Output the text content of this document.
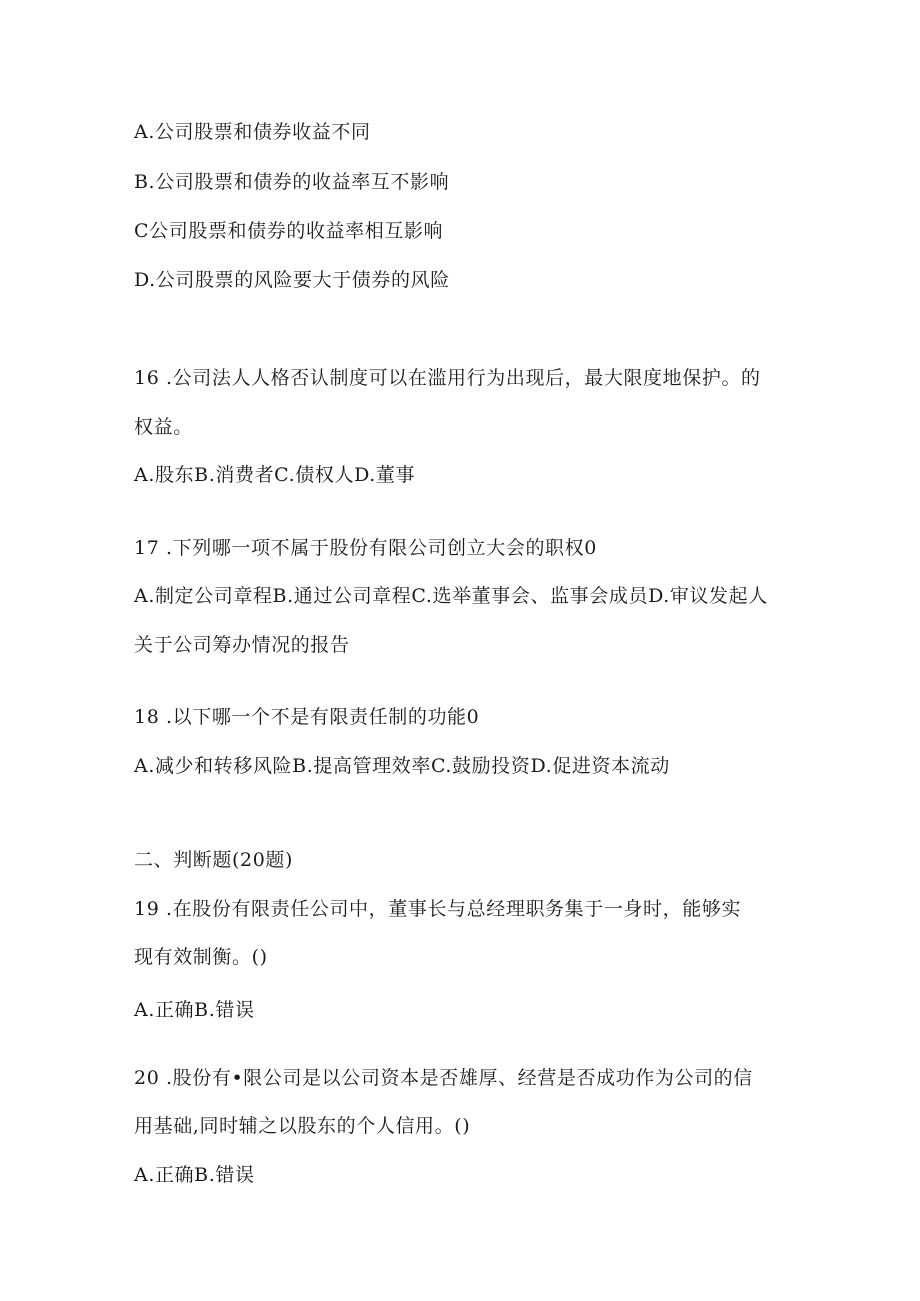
A.公司股票和债券收益不同
B.公司股票和债券的收益率互不影响
C公司股票和债券的收益率相互影响
D.公司股票的风险要大于债券的风险
16 .公司法人人格否认制度可以在滥用行为出现后，最大限度地保护。的
权益。
A.股东B.消费者C.债权人D.董事
17 .下列哪一项不属于股份有限公司创立大会的职权0
A.制定公司章程B.通过公司章程C.选举董事会、监事会成员D.审议发起人
关于公司筹办情况的报告
18 .以下哪一个不是有限责任制的功能0
A.减少和转移风险B.提高管理效率C.鼓励投资D.促进资本流动
二、判断题(20题)
19 .在股份有限责任公司中，董事长与总经理职务集于一身时，能够实
现有效制衡。()
A.正确B.错误
20 .股份有•限公司是以公司资本是否雄厚、经营是否成功作为公司的信
用基础,同时辅之以股东的个人信用。()
A.正确B.错误
